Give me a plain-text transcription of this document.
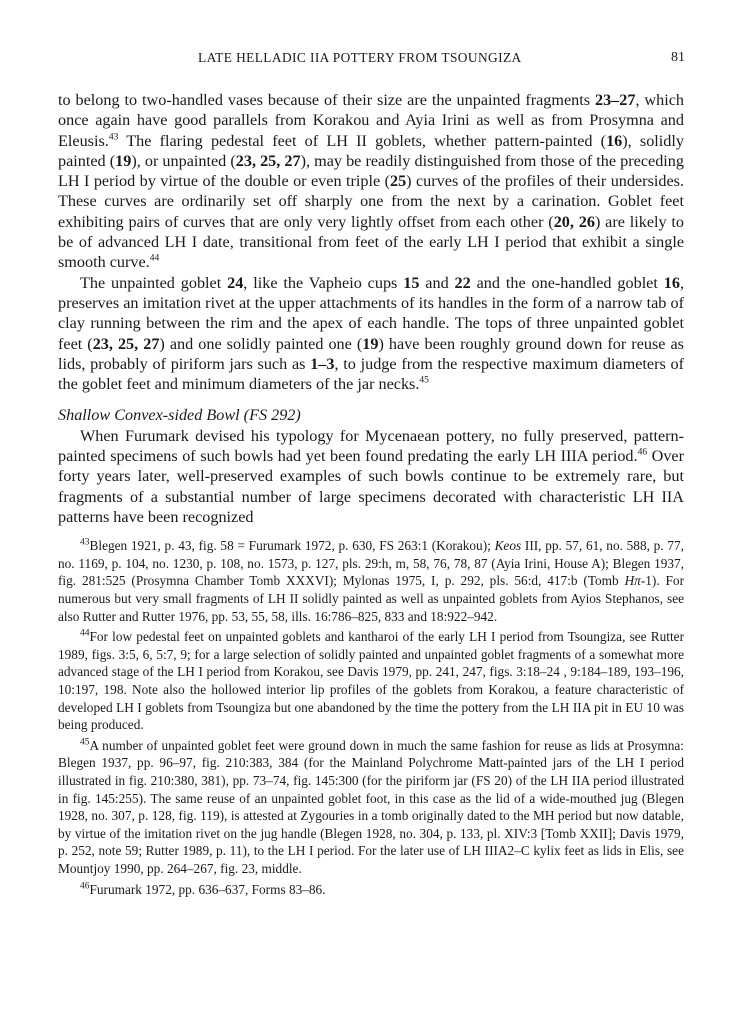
LATE HELLADIC IIA POTTERY FROM TSOUNGIZA	81

to belong to two-handled vases because of their size are the unpainted fragments 23–27, which once again have good parallels from Korakou and Ayia Irini as well as from Prosymna and Eleusis.$^{43}$ The flaring pedestal feet of LH II goblets, whether pattern-painted (16), solidly painted (19), or unpainted (23, 25, 27), may be readily distinguished from those of the preceding LH I period by virtue of the double or even triple (25) curves of the profiles of their undersides. These curves are ordinarily set off sharply one from the next by a carination. Goblet feet exhibiting pairs of curves that are only very lightly offset from each other (20, 26) are likely to be of advanced LH I date, transitional from feet of the early LH I period that exhibit a single smooth curve.$^{44}$

The unpainted goblet 24, like the Vapheio cups 15 and 22 and the one-handled goblet 16, preserves an imitation rivet at the upper attachments of its handles in the form of a narrow tab of clay running between the rim and the apex of each handle. The tops of three unpainted goblet feet (23, 25, 27) and one solidly painted one (19) have been roughly ground down for reuse as lids, probably of piriform jars such as 1–3, to judge from the respective maximum diameters of the goblet feet and minimum diameters of the jar necks.$^{45}$

Shallow Convex-sided Bowl (FS 292)

When Furumark devised his typology for Mycenaean pottery, no fully preserved, pattern-painted specimens of such bowls had yet been found predating the early LH IIIA period.$^{46}$ Over forty years later, well-preserved examples of such bowls continue to be extremely rare, but fragments of a substantial number of large specimens decorated with characteristic LH IIA patterns have been recognized

$^{43}$Blegen 1921, p. 43, fig. 58 = Furumark 1972, p. 630, FS 263:1 (Korakou); Keos III, pp. 57, 61, no. 588, p. 77, no. 1169, p. 104, no. 1230, p. 108, no. 1573, p. 127, pls. 29:h, m, 58, 76, 78, 87 (Ayia Irini, House A); Blegen 1937, fig. 281:525 (Prosymna Chamber Tomb XXXVI); Mylonas 1975, I, p. 292, pls. 56:d, 417:b (Tomb Hπ-1). For numerous but very small fragments of LH II solidly painted as well as unpainted goblets from Ayios Stephanos, see also Rutter and Rutter 1976, pp. 53, 55, 58, ills. 16:786–825, 833 and 18:922–942.

$^{44}$For low pedestal feet on unpainted goblets and kantharoi of the early LH I period from Tsoungiza, see Rutter 1989, figs. 3:5, 6, 5:7, 9; for a large selection of solidly painted and unpainted goblet fragments of a somewhat more advanced stage of the LH I period from Korakou, see Davis 1979, pp. 241, 247, figs. 3:18–24 , 9:184–189, 193–196, 10:197, 198. Note also the hollowed interior lip profiles of the goblets from Korakou, a feature characteristic of developed LH I goblets from Tsoungiza but one abandoned by the time the pottery from the LH IIA pit in EU 10 was being produced.

$^{45}$A number of unpainted goblet feet were ground down in much the same fashion for reuse as lids at Prosymna: Blegen 1937, pp. 96–97, fig. 210:383, 384 (for the Mainland Polychrome Matt-painted jars of the LH I period illustrated in fig. 210:380, 381), pp. 73–74, fig. 145:300 (for the piriform jar (FS 20) of the LH IIA period illustrated in fig. 145:255). The same reuse of an unpainted goblet foot, in this case as the lid of a wide-mouthed jug (Blegen 1928, no. 307, p. 128, fig. 119), is attested at Zygouries in a tomb originally dated to the MH period but now datable, by virtue of the imitation rivet on the jug handle (Blegen 1928, no. 304, p. 133, pl. XIV:3 [Tomb XXII]; Davis 1979, p. 252, note 59; Rutter 1989, p. 11), to the LH I period. For the later use of LH IIIA2–C kylix feet as lids in Elis, see Mountjoy 1990, pp. 264–267, fig. 23, middle.

$^{46}$Furumark 1972, pp. 636–637, Forms 83–86.
